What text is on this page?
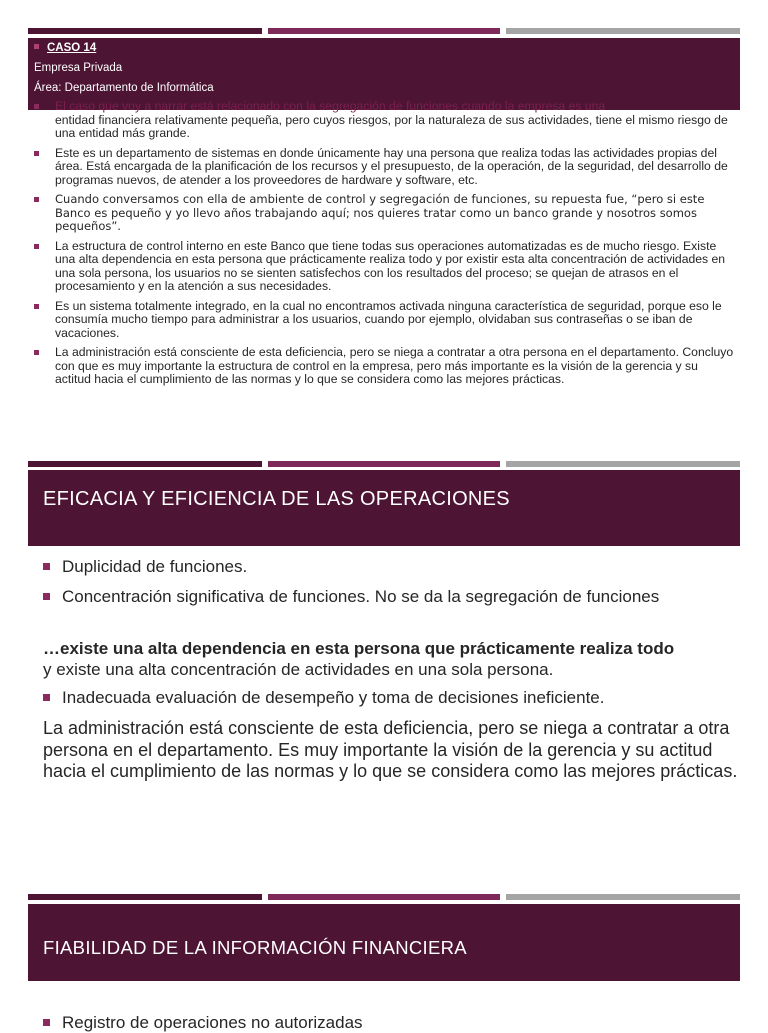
CASO 14
Empresa Privada
Área: Departamento de Informática
El caso que voy a narrar está relacionado con la segregación de funciones cuando la empresa es una
entidad financiera relativamente pequeña, pero cuyos riesgos, por la naturaleza de sus actividades, tiene el mismo riesgo de una entidad más grande.
Este es un departamento de sistemas en donde únicamente hay una persona que realiza todas las actividades propias del área. Está encargada de la planificación de los recursos y el presupuesto, de la operación, de la seguridad, del desarrollo de programas nuevos, de atender a los proveedores de hardware y software, etc.
Cuando conversamos con ella de ambiente de control y segregación de funciones, su repuesta fue, “pero si este Banco es pequeño y yo llevo años trabajando aquí; nos quieres tratar como un banco grande y nosotros somos pequeños”.
La estructura de control interno en este Banco que tiene todas sus operaciones automatizadas es de mucho riesgo. Existe una alta dependencia en esta persona que prácticamente realiza todo y por existir esta alta concentración de actividades en una sola persona, los usuarios no se sienten satisfechos con los resultados del proceso; se quejan de atrasos en el procesamiento y en la atención a sus necesidades.
Es un sistema totalmente integrado, en la cual no encontramos activada ninguna característica de seguridad, porque eso le consumía mucho tiempo para administrar a los usuarios, cuando por ejemplo, olvidaban sus contraseñas o se iban de vacaciones.
La administración está consciente de esta deficiencia, pero se niega a contratar a otra persona en el departamento. Concluyo con que es muy importante la estructura de control en la empresa, pero más importante es la visión de la gerencia y su actitud hacia el cumplimiento de las normas y lo que se considera como las mejores prácticas.
EFICACIA Y EFICIENCIA DE LAS OPERACIONES
Duplicidad de funciones.
Concentración significativa de funciones. No se da la segregación de funciones
…existe una alta dependencia en esta persona que prácticamente realiza todo
y existe una alta concentración de actividades en una sola persona.
Inadecuada evaluación de desempeño y toma de decisiones ineficiente.
La administración está consciente de esta deficiencia, pero se niega a contratar a otra persona en el departamento. Es muy importante la visión de la gerencia y su actitud hacia el cumplimiento de las normas y lo que se considera como las mejores prácticas.
FIABILIDAD DE LA INFORMACIÓN FINANCIERA
Registro de operaciones no autorizadas
